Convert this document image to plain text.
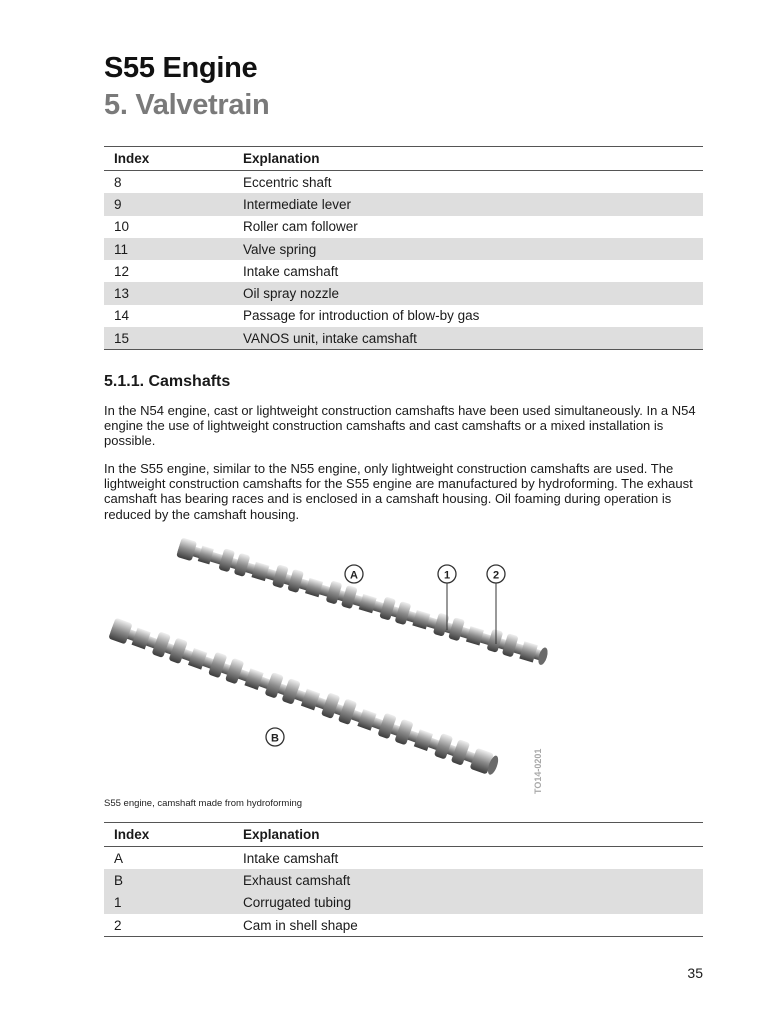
S55 Engine
5. Valvetrain
Index	Explanation
8	Eccentric shaft
9	Intermediate lever
10	Roller cam follower
11	Valve spring
12	Intake camshaft
13	Oil spray nozzle
14	Passage for introduction of blow-by gas
15	VANOS unit, intake camshaft
5.1.1. Camshafts

In the N54 engine, cast or lightweight construction camshafts have been used simultaneously. In a N54 engine the use of lightweight construction camshafts and cast camshafts or a mixed installation is possible.

In the S55 engine, similar to the N55 engine, only lightweight construction camshafts are used. The lightweight construction camshafts for the S55 engine are manufactured by hydroforming. The exhaust camshaft has bearing races and is enclosed in a camshaft housing. Oil foaming during operation is reduced by the camshaft housing.

A	1	2
B
TO14-0201
S55 engine, camshaft made from hydroforming
Index	Explanation
A	Intake camshaft
B	Exhaust camshaft
1	Corrugated tubing
2	Cam in shell shape
35
